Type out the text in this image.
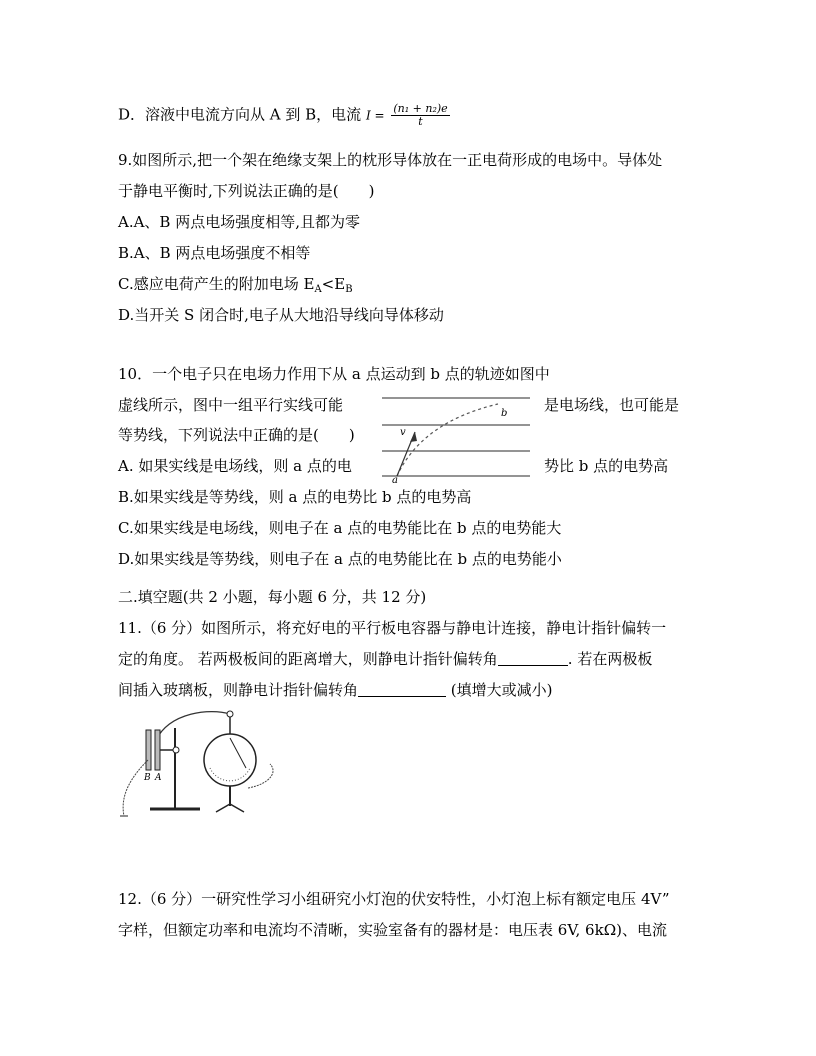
D．溶液中电流方向从 A 到 B，电流 $I = \frac{\text{(n₁ + n₂)e}}{t}$
9.如图所示,把一个架在绝缘支架上的枕形导体放在一正电荷形成的电场中。导体处
于静电平衡时,下列说法正确的是(　　)
A.A、B 两点电场强度相等,且都为零
B.A、B 两点电场强度不相等
C.感应电荷产生的附加电场 $E_A<E_B$
D.当开关 S 闭合时,电子从大地沿导线向导体移动
10．一个电子只在电场力作用下从 a 点运动到 b 点的轨迹如图中
虚线所示，图中一组平行实线可能	是电场线，也可能是
等势线，下列说法中正确的是(　　)
A. 如果实线是电场线，则 a 点的电	势比 b 点的电势高
v
b
a
B.如果实线是等势线，则 a 点的电势比 b 点的电势高
C.如果实线是电场线，则电子在 a 点的电势能比在 b 点的电势能大
D.如果实线是等势线，则电子在 a 点的电势能比在 b 点的电势能小
二.填空题(共 2 小题，每小题 6 分，共 12 分)
11.（6 分）如图所示，将充好电的平行板电容器与静电计连接，静电计指针偏转一
定的角度。 若两极板间的距离增大，则静电计指针偏转角	. 若在两极板
间插入玻璃板，则静电计指针偏转角	(填增大或减小)
B A
12.（6 分）一研究性学习小组研究小灯泡的伏安特性，小灯泡上标有额定电压 4V”
字样，但额定功率和电流均不清晰，实验室备有的器材是：电压表 6V, 6kΩ)、电流
